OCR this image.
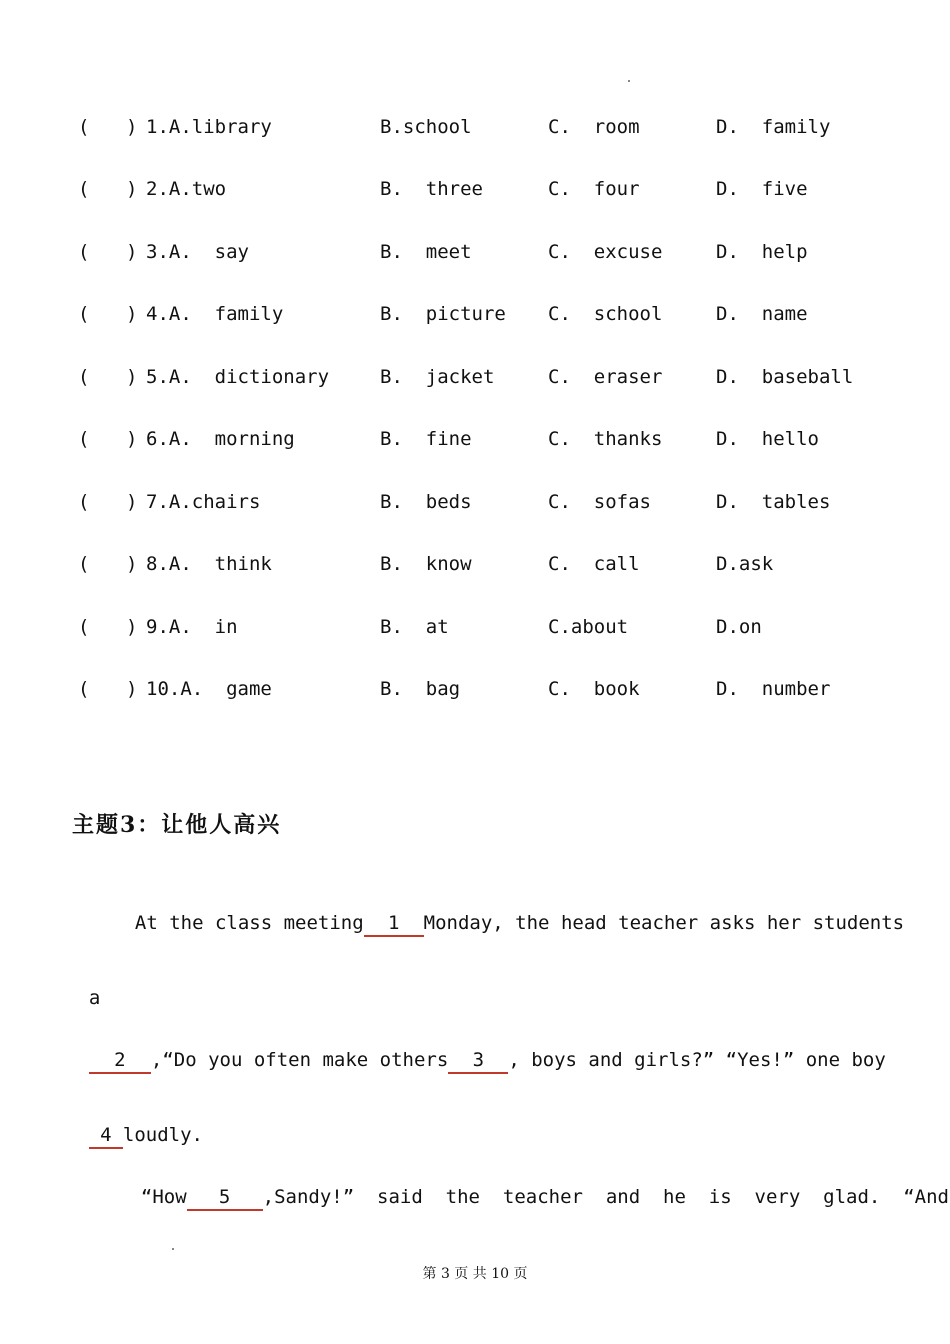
( ) 1.A.library	B.school	C.  room	D.  family
( ) 2.A.two	B.  three	C.  four	D.  five
( ) 3.A.  say	B.  meet	C.  excuse	D.  help
( ) 4.A.  family	B.  picture C.  school	D.  name
( ) 5.A.  dictionary	B.  jacket	C.  eraser	D.  baseball
( ) 6.A.  morning	B.  fine	C.  thanks	D.  hello
( ) 7.A.chairs	B.  beds	C.  sofas	D.  tables
( ) 8.A.  think	B.  know	C.  call	D.ask
( ) 9.A.  in	B.  at	C.about	D.on
( ) 10.A.  game	B.  bag	C.  book	D.  number
主题3：让他人高兴

At the class meeting 1 Monday, the head teacher asks her students

a

2 ,“Do you often make others 3 , boys and girls?” “Yes!” one boy

4 loudly.

“How 5 ,Sandy!”  said  the  teacher  and  he  is  very  glad.  “And

第 3 页 共 10 页
